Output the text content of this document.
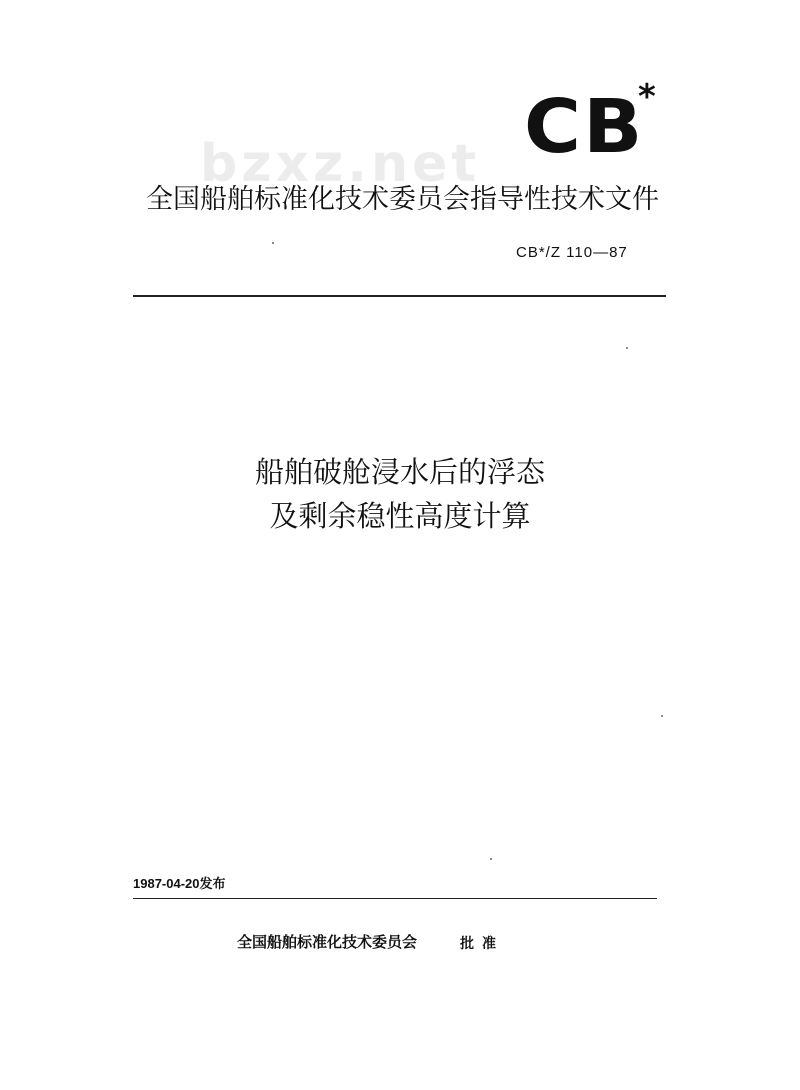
bzxz.net CB
*
全国船舶标准化技术委员会指导性技术文件
CB*/Z 110—87
船舶破舱浸水后的浮态
及剩余稳性高度计算
1987-04-20发布
全国船舶标准化技术委员会	批准
